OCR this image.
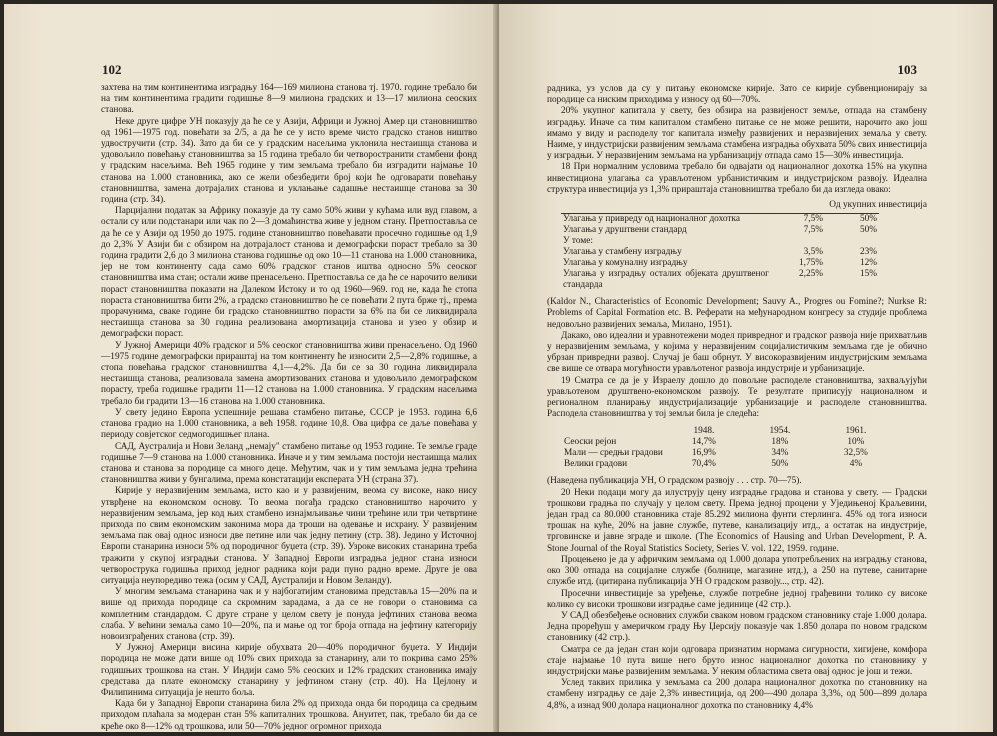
102

захтева на тим континентима изградњу 164—169 милиона станова тј. 1970. године требало би на тим континентима градити годишње 8—9 милиона градских и 13—17 милиона сеоских станова.

Неке друге цифре УН показују да ће се у Азији, Африци и Јужној Амер ци становништво од 1961—1975 год. повећати за 2/5, а да ће се у исто време чисто градско станов ништво удвостручити (стр. 34). Зато да би се у градским насељима уклонила нестаишца станова и удовољило повећању становништва за 15 година требало би четвоространити стамбени фонд у градским насељима. Већ 1965 године у тим земљама требало би изградити најмање 10 станова на 1.000 становника, ако се жели обезбедити број који ће одговарати повећању становништва, замена дотрајалих станова и уклањање садашње нестаишце станова за 30 година (стр. 34).

Парцијални податак за Африку показује да ту само 50% живи у кућама или вуд главом, а остали су или подстанари или чак по 2—3 домаћинства живе у једном стану. Претпоставља се да ће се у Азији од 1950 до 1975. године становништво повећавати просечно годишње од 1,9 до 2,3% У Азији би с обзиром на дотрајалост станова и демографски пораст требало за 30 година градити 2,6 до 3 милиона станова годишње од око 10—11 станова на 1.000 становника, јер не том континенту сада само 60% градског станов иштва односно 5% сеоског становништва има стан; остали живе пренасељено. Претпоставља се да ће се нарочито велики пораст становништва показати на Далеком Истоку и то од 1960—969. год не, када ће стопа пораста становништва бити 2%, а градско становништво ће се повећати 2 пута брже тј., према прорачунима, сваке године би градско становништво порасти за 6% па би се ликвидирала нестаишца станова за 30 година реализована амортизација станова и узео у обзир и демографски пораст.

У Јужној Америци 40% градског и 5% сеоског становништва живи пренасељено. Од 1960—1975 године демографски прираштај на том континенту ће износити 2,5—2,8% годишње, а стопа повећања градског становништва 4,1—4,2%. Да би се за 30 година ликвидирала нестаишца станова, реализовала замена амортизованих станова и удовољило демографском порасту, треба годишње градити 11—12 станова на 1.000 становника. У градским насељима требало би градити 13—16 станова на 1.000 становника.

У свету једино Европа успешније решава стамбено питање, СССР је 1953. година 6,6 станова градио на 1.000 становника, а већ 1958. године 10,8. Ова цифра се даље повећава у периоду совјетског седмогодишњег плана.

САД, Аустралија и Нови Зеланд „немају" стамбено питање од 1953 године. Те земље граде годишње 7—9 станова на 1.000 становника. Иначе и у тим земљама постоји нестаишца малих станова и станова за породице са много деце. Међутим, чак и у тим земљама једна трећина становништва живи у бунгалима, према констатацији експерата УН (страна 37).

Кирије у неразвијеним земљама, исто као и у развијеним, веома су високе, нако нису утврђене на економском основу. То веома погађа градско становништво нарочито у неразвијеним земљама, јер код њих стамбено изнаjмљивање чини трећине или три четвртине прихода по свим економским законима мора да троши на одевање и исхрану. У развијеним земљама пак овај однос износи две петине или чак једну петину (стр. 38). Једино у Источној Европи станарина износи 5% од породичног буџета (стр. 39). Узроке високих станарина треба тражити у скупој изградњи станова. У Западној Европи изградња једног стана износи четворострука годишња приход једног радника који ради пуно радно време. Друге је ова ситуација неупоредиво тежа (осим у САД, Аустралији и Новом Зеланду).

У многим земљама станарина чак и у најбогатијим становима представља 15—20% па и више од прихода породице са скромним зарадама, а да се не говори о становима са комплетним стандардом. С друге стране у целом свету је понуда јефтиних станова веома слаба. У већини земаља само 10—20%, па и мање од тог броја отпада на јефтину категорију новоизграђених станова (стр. 39).

У Јужној Америци висина кирије обухвата 20—40% породичног буџета. У Индији породица не може дати више од 10% свих прихода за станарину, али то покрива само 25% годишњих трошкова на стан. У Индији само 5% сеоских и 12% градских становника имају средстава да плате економску станарину у јефтином стану (стр. 40). На Цејлону и Филипинима ситуација је нешто боља.

Када би у Западној Европи станарина била 2% од прихода онда би породица са средњим приходом плаћала за модеран стан 5% капиталних трошкова. Ануитет, пак, требало би да се креће око 8—12% од трошкова, или 50—70% једног огромног прихода

103

радника, уз услов да су у питању економске кирије. Зато се кирије субвенционирају за породице са ниским приходима у износу од 60—70%.

20% укупног капитала у свету, без обзира на развијеност земље, отпада на стамбену изградњу. Иначе са тим капиталом стамбено питање се не може решити, нарочито ако још имамо у виду и расподелу тог капитала између развијених и неразвијених земаља у свету. Наиме, у индустријски развијеним земљама стамбена изградња обухвата 50% свих инвестиција у изградњи. У неразвијеним земљама на урбанизацију отпада само 15—30% инвестиција.

18 При нормалним условима требало би одвајати од националног дохотка 15% на укупна инвестициона улагања са урављотеном урбанистичким и индустријском развоју. Идеална структура инвестиција уз 1,3% прираштаја становништва требало би да изгледа овако:

Од укупних инвестиција
Улагања у привреду од националног дохотка	7,5%	50%
Улагања у друштвени стандард	7,5%	50%
У томе:		
Улагања у стамбену изградњу	3,5%	23%
Улагања у комуналну изградњу	1,75%	12%
Улагања у изградњу осталих објеката друштвеног стандарда	2,25%	15%

(Kaldor N., Characteristics of Economic Development; Sauvy A., Progres ou Fomine?; Nurkse R: Problems of Capital Formation etc. В. Реферати на међународном конгресу за студије проблема недовољно развијених земаља, Милано, 1951).

Дакако, ово идеални и уравнотежени модел привредног и градског развоја није прихватљив у неразвијеним земљама, у којима у неразвијеним социјалистичким земљама где је обично убрзан привредни развој. Случај је баш обрнут. У високоразвијеним индустријским земљама све више се отвара могућности урављотеног развоја индустрије и урбанизације.

19 Сматра се да је у Израелу дошло до повољне расподеле становништва, захваљујући урављотеном друштвено-економском развоју. Те резултате приписују националном и регионалном планирању индустријализације урбанизације и расподеле становништва. Расподела становништва у тој земљи била је следећа:

	1948.	1954.	1961.
Сеоски рејон	14,7%	18%	10%
Мали — средњи градови	16,9%	34%	32,5%
Велики градови	70,4%	50%	4%

(Наведена публикација УН, О градском развоју . . . стр. 70—75).

20 Неки подаци могу да илуструју цену изградње градова и станова у свету. — Градски трошкови градња по случају у целом свету. Према једној процени у Уједињеној Краљевини, један град са 80.000 становника стаје 85.292 милиона фунти стерлинга. 45% од тога износи трошак на куће, 20% на јавне службе, путеве, канализацију итд., а остатак на индустрије, трговинске и јавне зграде и школе. (The Economics of Hausing and Urban Development, P. A. Stone Journal of the Royal Statistics Society, Series V. vol. 122, 1959. године.

Процењено је да у афричким земљама од 1.000 долара употребљених на изградњу станова, око 300 отпада на социјалне службе (болнице, магазине итд.), а 250 на путеве, санитарне службе итд. (цитирана публикација УН О градском развоју..., стр. 42).

Просечни инвестиције за уређење, службе потребне једној грађевини толико су високе колико су високи трошкови изградње саме јединице (42 стр.).

У САД обезбеђење основних служби сваком новом градском становнику стаје 1.000 долара. Једна проређуш у америчком граду Њу Џерсију показује чак 1.850 долара по новом градском становнику (42 стр.).

Сматра се да један стан који одговара признатим нормама сигурности, хигијене, комфора стаје најмање 10 пута више него бруто износ националног дохотка по становнику у индустријски мање развијеним земљама. У неким областима света овај однос је још и тежи.

Услед таквих прилика у земљама са 200 долара националног дохотка по становнику на стамбену изградњу се даје 2,3% инвестиција, од 200—490 долара 3,3%, од 500—899 долара 4,8%, а изнад 900 долара националног дохотка по становнику 4,4%
